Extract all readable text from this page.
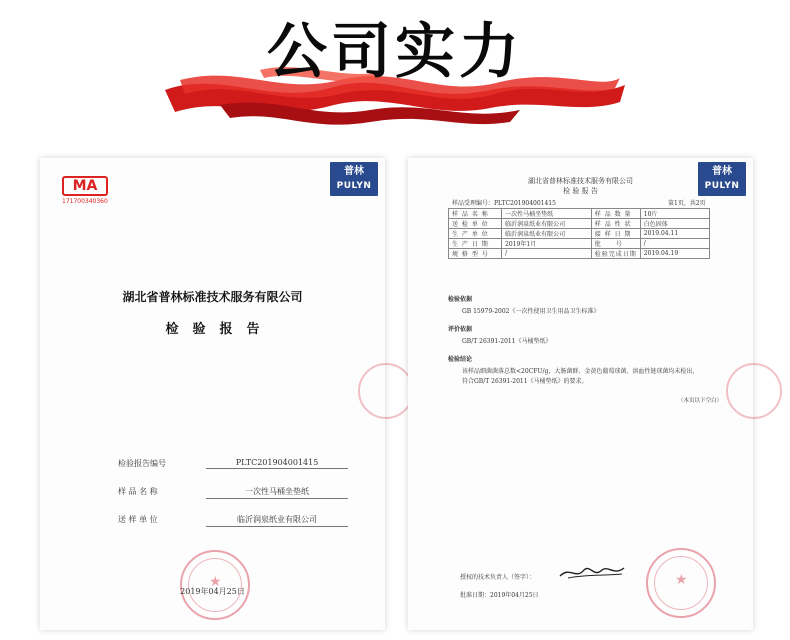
公司实力
MA
171700340360
普林
PULYN
湖北省普林标准技术服务有限公司
检验报告
检验报告编号	PLTC201904001415
样 品 名 称	一次性马桶坐垫纸
送 样 单 位	临沂润泉纸业有限公司
★
2019年04月25日
普林
PULYN
湖北省普林标准技术服务有限公司
检 验 报 告
样品受理编号：PLTC201904001415	第1页，共2页
样 品 名 称	一次性马桶坐垫纸	样 品 数 量	10片
送 检 单 位	临沂润泉纸业有限公司	样 品 性 状	白色固体
生 产 单 位	临沂润泉纸业有限公司	接 样 日 期	2019.04.11
生 产 日 期	2019年1月	批　　号	/
规 格 型 号	/	检验完成日期	2019.04.19
检验依据
GB 15979-2002《一次性使用卫生用品卫生标准》
评价依据
GB/T 26391-2011《马桶垫纸》
检验结论
该样品细菌菌落总数<20CFU/g，大肠菌群、金黄色葡萄球菌、溶血性链球菌均未检出，符合GB/T 26391-2011《马桶垫纸》的要求。
（本页以下空白）
授权的技术负责人（签字）：
批准日期：2019年04月25日
★
